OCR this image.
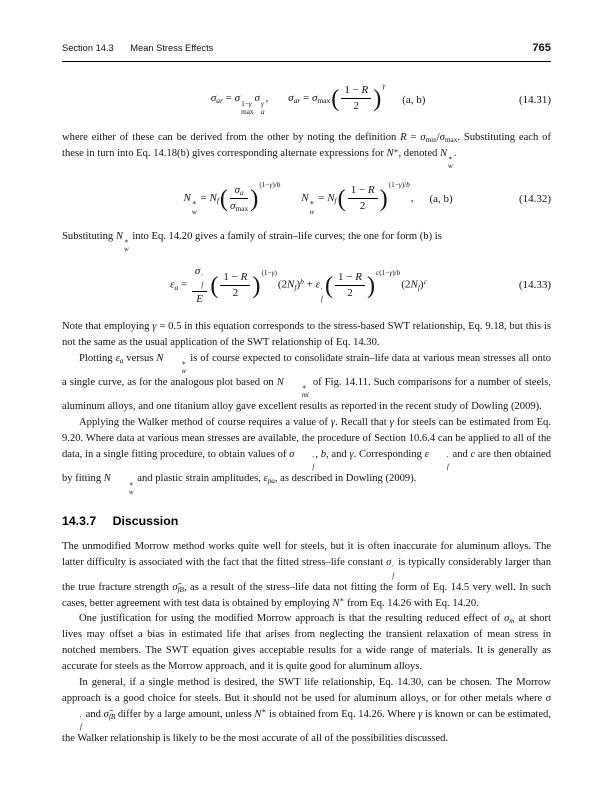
Section 14.3 Mean Stress Effects	765
σar = σ 1−γ
max
σ γ
a
, σar = σmax ( $\frac{1 - R}{2}$ ) γ
(a, b)	(14.31)

where either of these can be derived from the other by noting the definition R = σmin/σmax. Substituting each of these in turn into Eq. 14.18(b) gives corresponding alternate expressions for N∗, denoted N ∗
w
.

N ∗
w
= Nf ( $\frac{\sigma a}{\sigma\max}$ ) (1−γ)/b
N ∗
w
= Nf ( $\frac{1 - R}{2}$ ) (1−γ)/b
, (a, b)	(14.32)

Substituting N ∗
w
into Eq. 14.20 gives a family of strain–life curves; the one for form (b) is

εa = σ ′
f
E ( $\frac{1 - R}{2}$ ) (1−γ)
$(2Nf)^b + \varepsilon$ ′
f
( $\frac{1 - R}{2}$ ) c(1−γ)/b
$(2Nf)^c$	(14.33)

Note that employing γ = 0.5 in this equation corresponds to the stress-based SWT relationship, Eq. 9.18, but this is not the same as the usual application of the SWT relationship of Eq. 14.30.

Plotting εa versus N	∗
w
is of course expected to consolidate strain–life data at various mean stresses all onto a single curve, as for the analogous plot based on N	∗
mi
of Fig. 14.11. Such comparisons for a number of steels, aluminum alloys, and one titanium alloy gave excellent results as reported in the recent study of Dowling (2009).

Applying the Walker method of course requires a value of γ. Recall that γ for steels can be estimated from Eq. 9.20. Where data at various mean stresses are available, the procedure of Section 10.6.4 can be applied to all of the data, in a single fitting procedure, to obtain values of σ	′
f
, b, and γ. Corresponding ε	′
f
and c are then obtained by fitting N	∗
w
and plastic strain amplitudes, εpa, as described in Dowling (2009).

14.3.7 Discussion

The unmodified Morrow method works quite well for steels, but it is often inaccurate for aluminum alloys. The latter difficulty is associated with the fact that the fitted stress–life constant σ ′
f
is typically considerably larger than the true fracture strength σ̃fB, as a result of the stress–life data not fitting the form of Eq. 14.5 very well. In such cases, better agreement with test data is obtained by employing N∗ from Eq. 14.26 with Eq. 14.20.

One justification for using the modified Morrow approach is that the resulting reduced effect of σm at short lives may offset a bias in estimated life that arises from neglecting the transient relaxation of mean stress in notched members. The SWT equation gives acceptable results for a wide range of materials. It is generally as accurate for steels as the Morrow approach, and it is quite good for aluminum alloys.

In general, if a single method is desired, the SWT life relationship, Eq. 14.30, can be chosen. The Morrow approach is a good choice for steels. But it should not be used for aluminum alloys, or for other metals where σ
′
f
and σ̃fB differ by a large amount, unless N∗ is obtained from Eq. 14.26. Where γ is known or can be estimated, the Walker relationship is likely to be the most accurate of all of the possibilities discussed.
